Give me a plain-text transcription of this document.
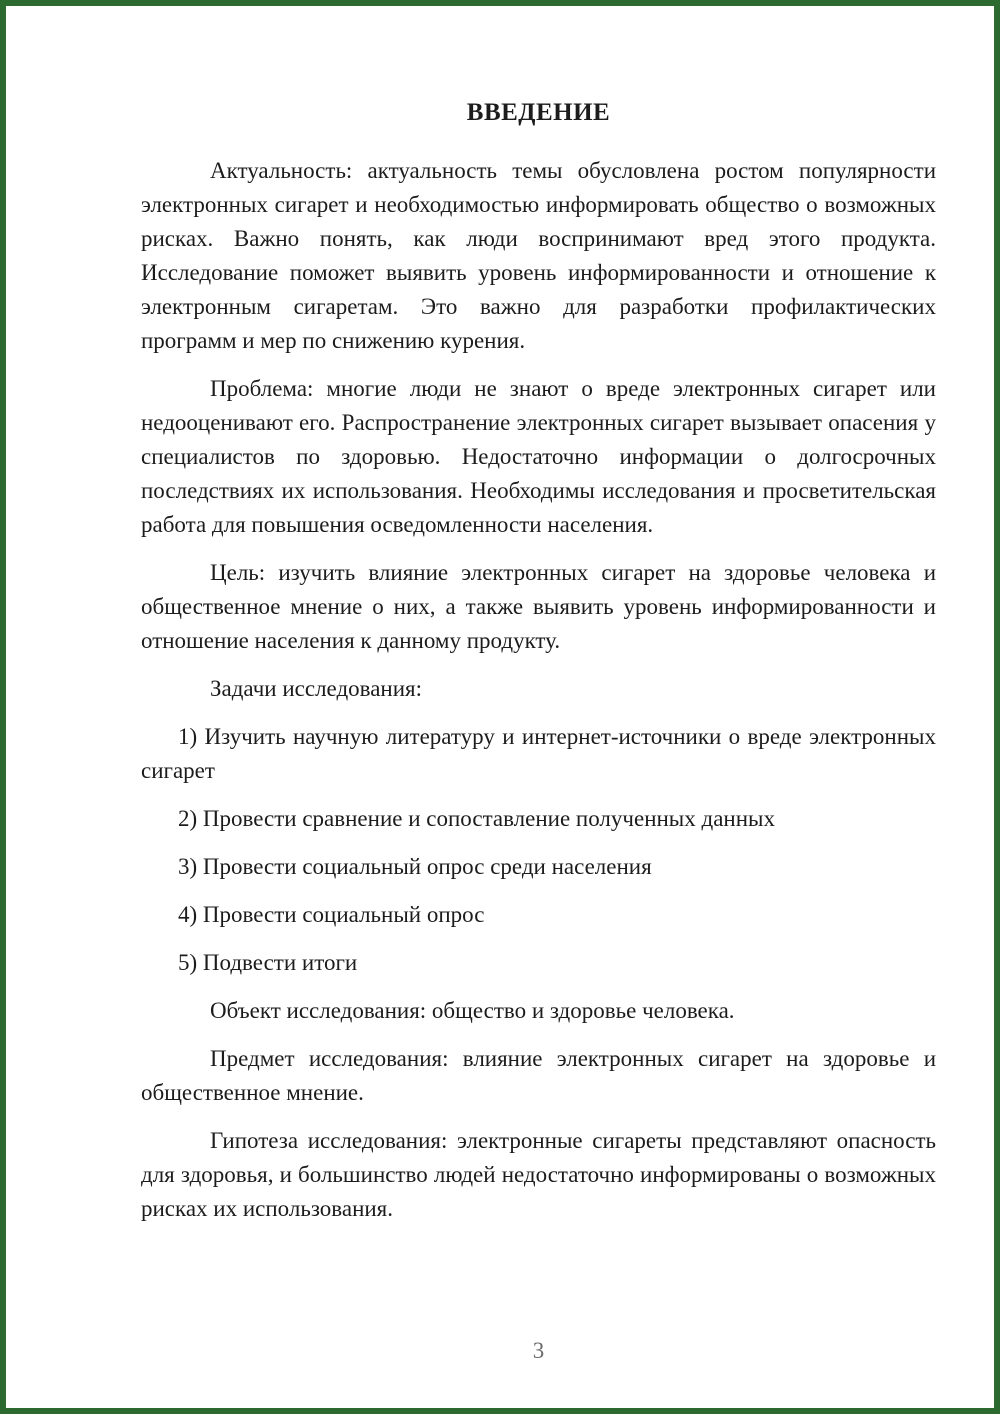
ВВЕДЕНИЕ

Актуальность: актуальность темы обусловлена ростом популярности электронных сигарет и необходимостью информировать общество о возможных рисках. Важно понять, как люди воспринимают вред этого продукта. Исследование поможет выявить уровень информированности и отношение к электронным сигаретам. Это важно для разработки профилактических программ и мер по снижению курения.

Проблема: многие люди не знают о вреде электронных сигарет или недооценивают его. Распространение электронных сигарет вызывает опасения у специалистов по здоровью. Недостаточно информации о долгосрочных последствиях их использования. Необходимы исследования и просветительская работа для повышения осведомленности населения.

Цель: изучить влияние электронных сигарет на здоровье человека и общественное мнение о них, а также выявить уровень информированности и отношение населения к данному продукту.

Задачи исследования:

1) Изучить научную литературу и интернет-источники о вреде электронных сигарет

2) Провести сравнение и сопоставление полученных данных

3) Провести социальный опрос среди населения

4) Провести социальный опрос

5) Подвести итоги

Объект исследования: общество и здоровье человека.

Предмет исследования: влияние электронных сигарет на здоровье и общественное мнение.

Гипотеза исследования: электронные сигареты представляют опасность для здоровья, и большинство людей недостаточно информированы о возможных рисках их использования.

3
